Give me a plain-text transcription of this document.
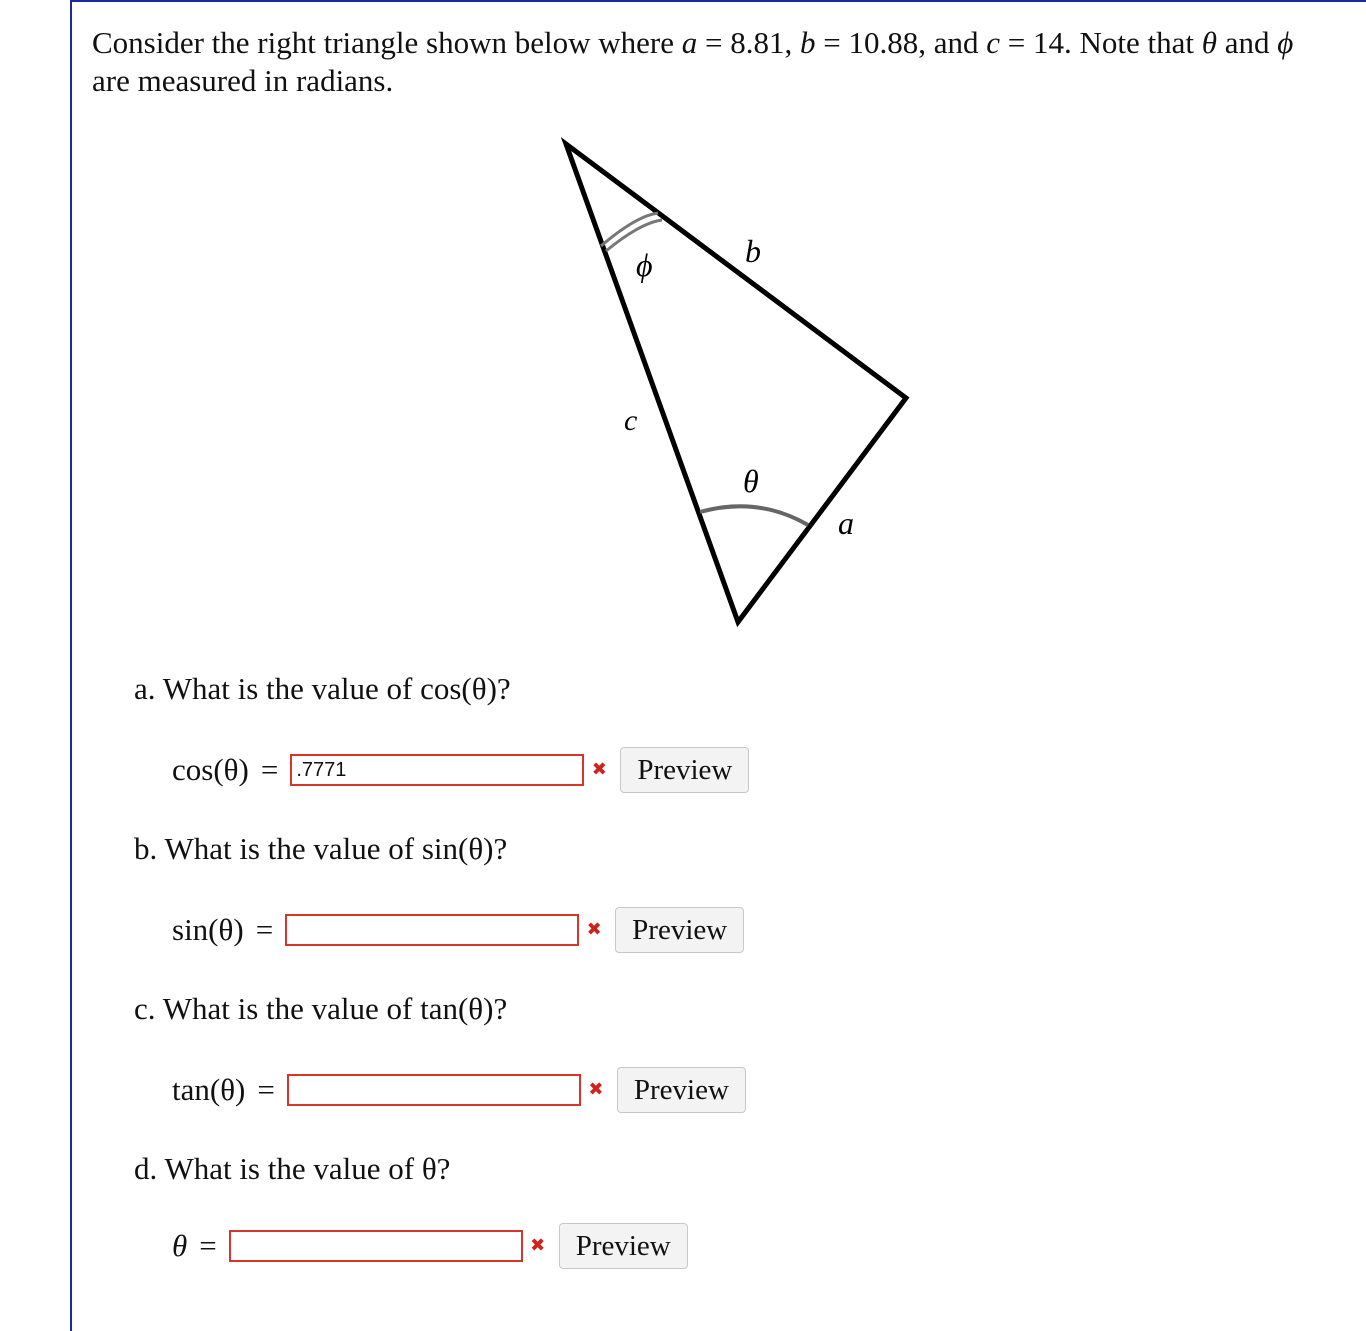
Consider the right triangle shown below where a = 8.81, b = 10.88, and c = 14. Note that θ and ϕ
are measured in radians.
ϕ	b
c
θ
a
a. What is the value of cos(θ)?
cos(θ) =
.7771	✖	Preview
b. What is the value of sin(θ)?
sin(θ) =	✖	Preview
c. What is the value of tan(θ)?
tan(θ) =	✖	Preview
d. What is the value of θ?
θ =	✖	Preview
